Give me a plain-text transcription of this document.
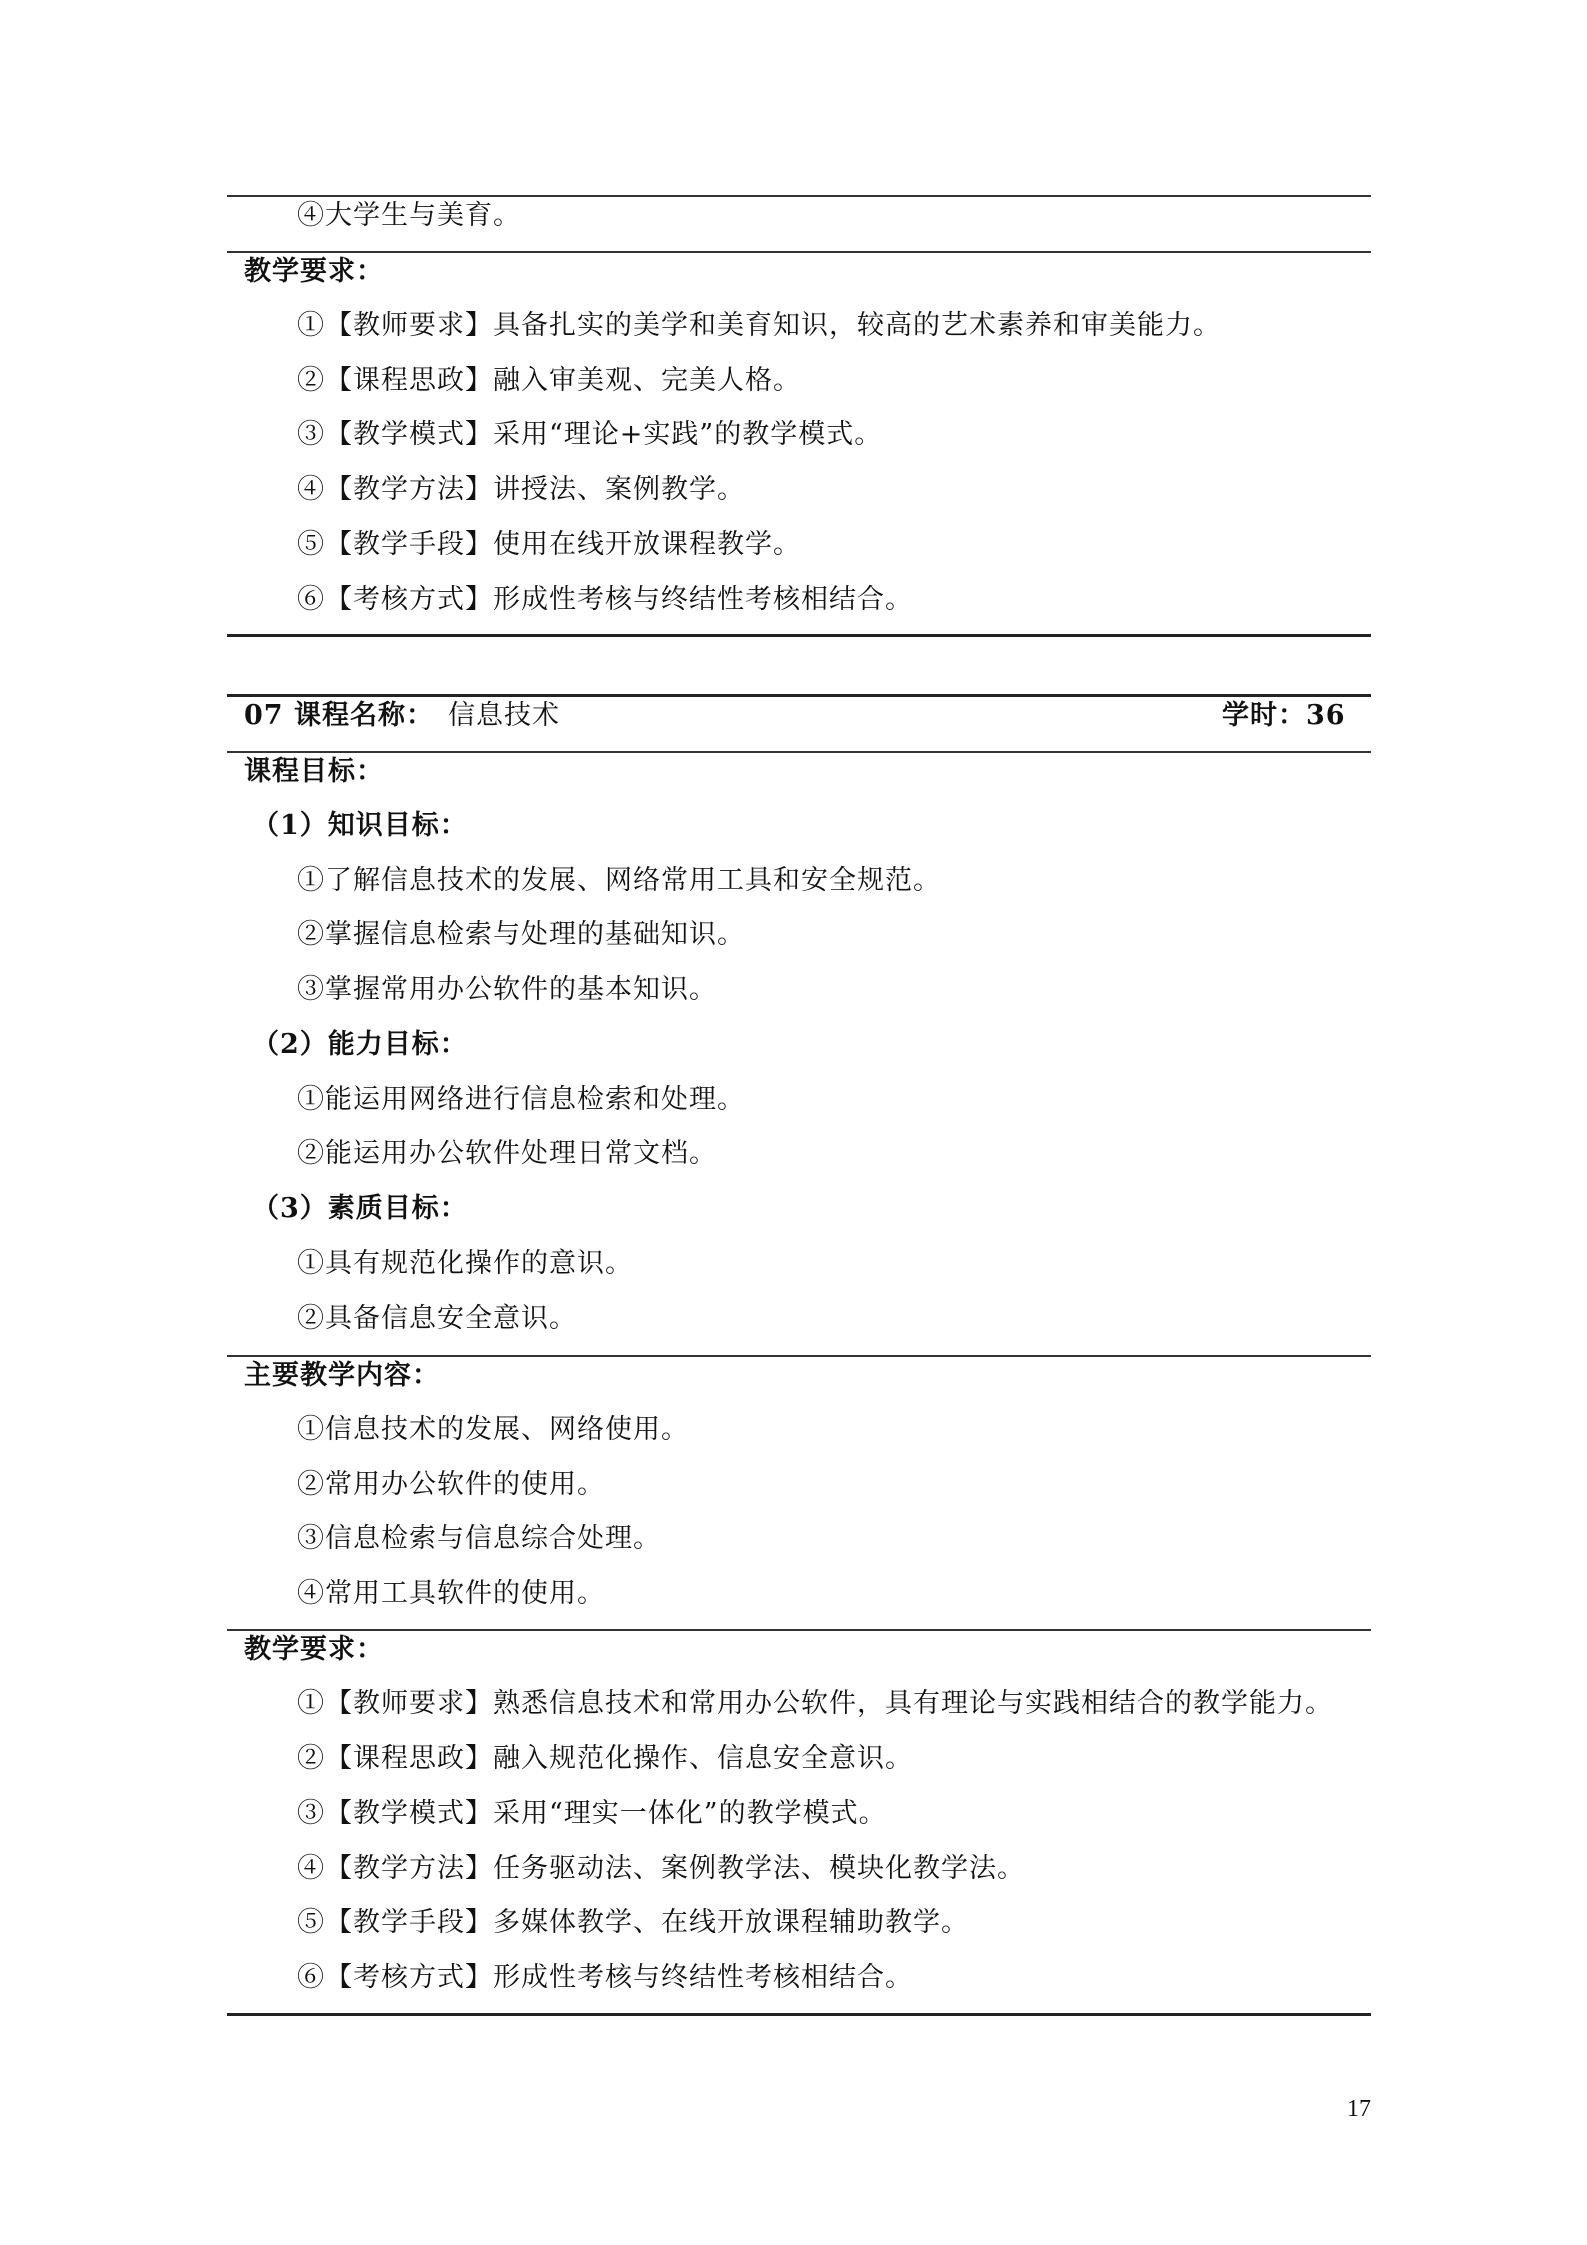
④大学生与美育。
教学要求：
①【教师要求】具备扎实的美学和美育知识，较高的艺术素养和审美能力。
②【课程思政】融入审美观、完美人格。
③【教学模式】采用“理论+实践”的教学模式。
④【教学方法】讲授法、案例教学。
⑤【教学手段】使用在线开放课程教学。
⑥【考核方式】形成性考核与终结性考核相结合。
07 课程名称： 信息技术	学时：36
课程目标：
（1）知识目标：
①了解信息技术的发展、网络常用工具和安全规范。
②掌握信息检索与处理的基础知识。
③掌握常用办公软件的基本知识。
（2）能力目标：
①能运用网络进行信息检索和处理。
②能运用办公软件处理日常文档。
（3）素质目标：
①具有规范化操作的意识。
②具备信息安全意识。
主要教学内容：
①信息技术的发展、网络使用。
②常用办公软件的使用。
③信息检索与信息综合处理。
④常用工具软件的使用。
教学要求：
①【教师要求】熟悉信息技术和常用办公软件，具有理论与实践相结合的教学能力。
②【课程思政】融入规范化操作、信息安全意识。
③【教学模式】采用“理实一体化”的教学模式。
④【教学方法】任务驱动法、案例教学法、模块化教学法。
⑤【教学手段】多媒体教学、在线开放课程辅助教学。
⑥【考核方式】形成性考核与终结性考核相结合。
17
